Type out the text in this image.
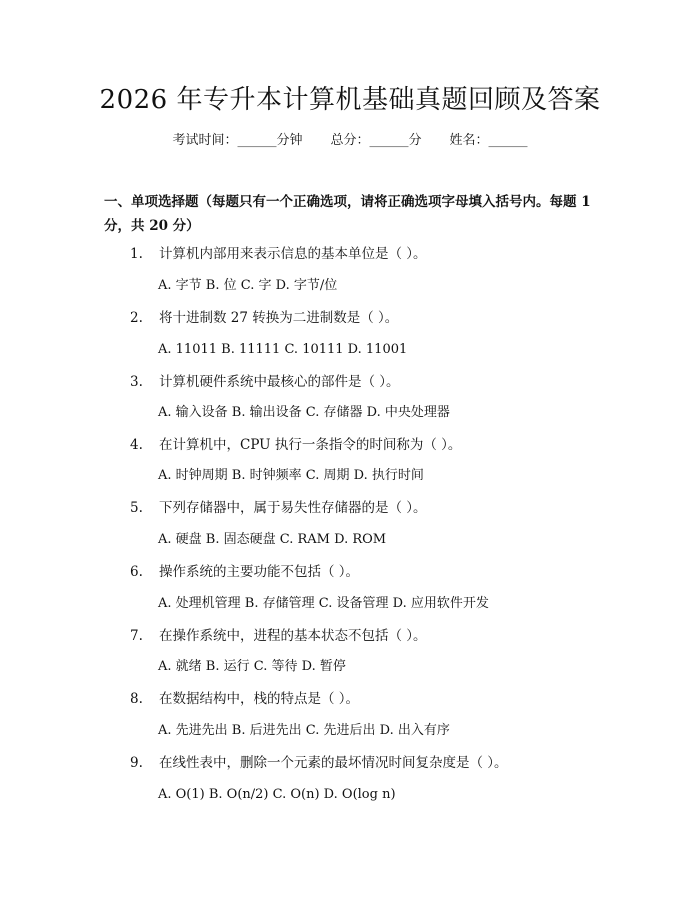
2026 年专升本计算机基础真题回顾及答案
考试时间：______分钟 总分：______分 姓名：______
一、单项选择题（每题只有一个正确选项，请将正确选项字母填入括号内。每题 1 分，共 20 分）
1. 计算机内部用来表示信息的基本单位是（ ）。
A. 字节 B. 位 C. 字 D. 字节/位
2. 将十进制数 27 转换为二进制数是（ ）。
A. 11011 B. 11111 C. 10111 D. 11001
3. 计算机硬件系统中最核心的部件是（ ）。
A. 输入设备 B. 输出设备 C. 存储器 D. 中央处理器
4. 在计算机中，CPU 执行一条指令的时间称为（ ）。
A. 时钟周期 B. 时钟频率 C. 周期 D. 执行时间
5. 下列存储器中，属于易失性存储器的是（ ）。
A. 硬盘 B. 固态硬盘 C. RAM D. ROM
6. 操作系统的主要功能不包括（ ）。
A. 处理机管理 B. 存储管理 C. 设备管理 D. 应用软件开发
7. 在操作系统中，进程的基本状态不包括（ ）。
A. 就绪 B. 运行 C. 等待 D. 暂停
8. 在数据结构中，栈的特点是（ ）。
A. 先进先出 B. 后进先出 C. 先进后出 D. 出入有序
9. 在线性表中，删除一个元素的最坏情况时间复杂度是（ ）。
A. O(1) B. O(n/2) C. O(n) D. O(log n)
